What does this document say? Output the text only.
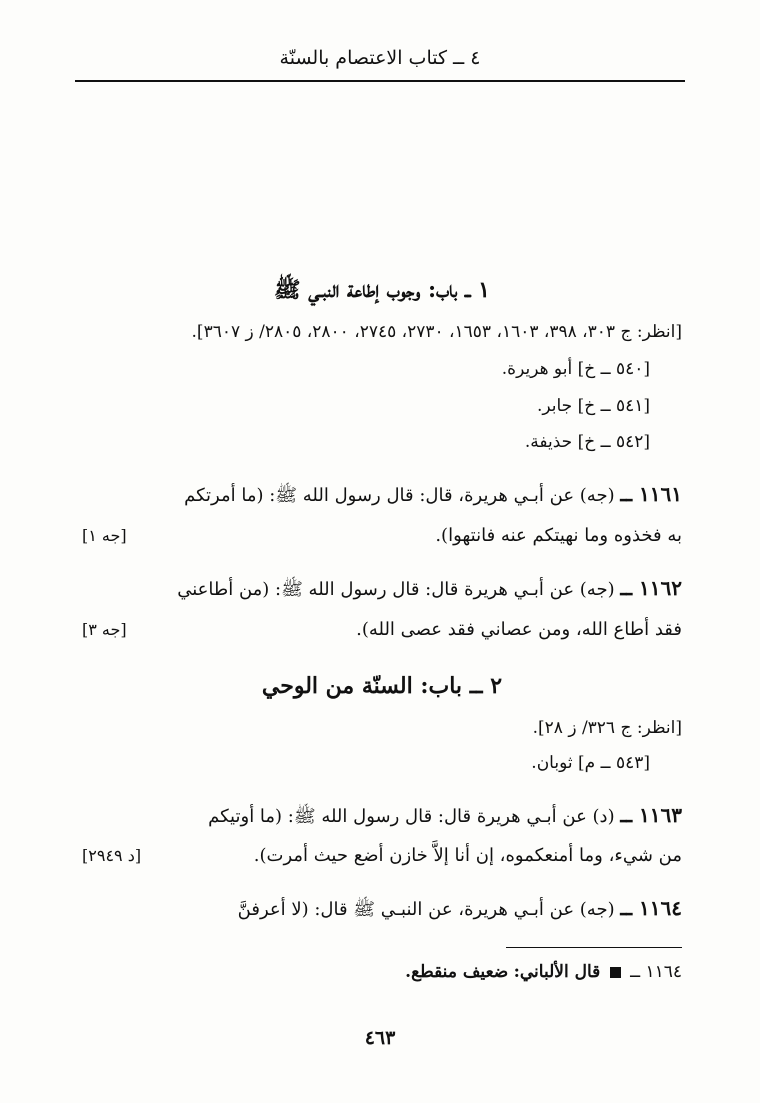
٤ ــ كتاب الاعتصام بالسنّة
١ ــ باب: وجوب إطاعة النبـي ﷺ
[انظر: ج ٣٠٣، ٣٩٨، ١٦٠٣، ١٦٥٣، ٢٧٣٠، ٢٧٤٥، ٢٨٠٠، ٢٨٠٥/ ز ٣٦٠٧].
[٥٤٠ ــ خ] أبو هريرة.
[٥٤١ ــ خ] جابر.
[٥٤٢ ــ خ] حذيفة.
١١٦١ ــ (جه) عن أبـي هريرة، قال: قال رسول الله ﷺ: (ما أمرتكم
به فخذوه وما نهيتكم عنه فانتهوا).
[جه ١]
١١٦٢ ــ (جه) عن أبـي هريرة قال: قال رسول الله ﷺ: (من أطاعني
فقد أطاع الله، ومن عصاني فقد عصى الله).
[جه ٣]
٢ ــ باب: السنّة من الوحي
[انظر: ج ٣٢٦/ ز ٢٨].
[٥٤٣ ــ م] ثوبان.
١١٦٣ ــ (د) عن أبـي هريرة قال: قال رسول الله ﷺ: (ما أوتيكم
من شيء، وما أمنعكموه، إن أنا إلاَّ خازن أضع حيث أمرت).
[د ٢٩٤٩]
١١٦٤ ــ (جه) عن أبـي هريرة، عن النبـي ﷺ قال: (لا أعرفنَّ
١١٦٤ ــ  قال الألباني: ضعيف منقطع.
٤٦٣
